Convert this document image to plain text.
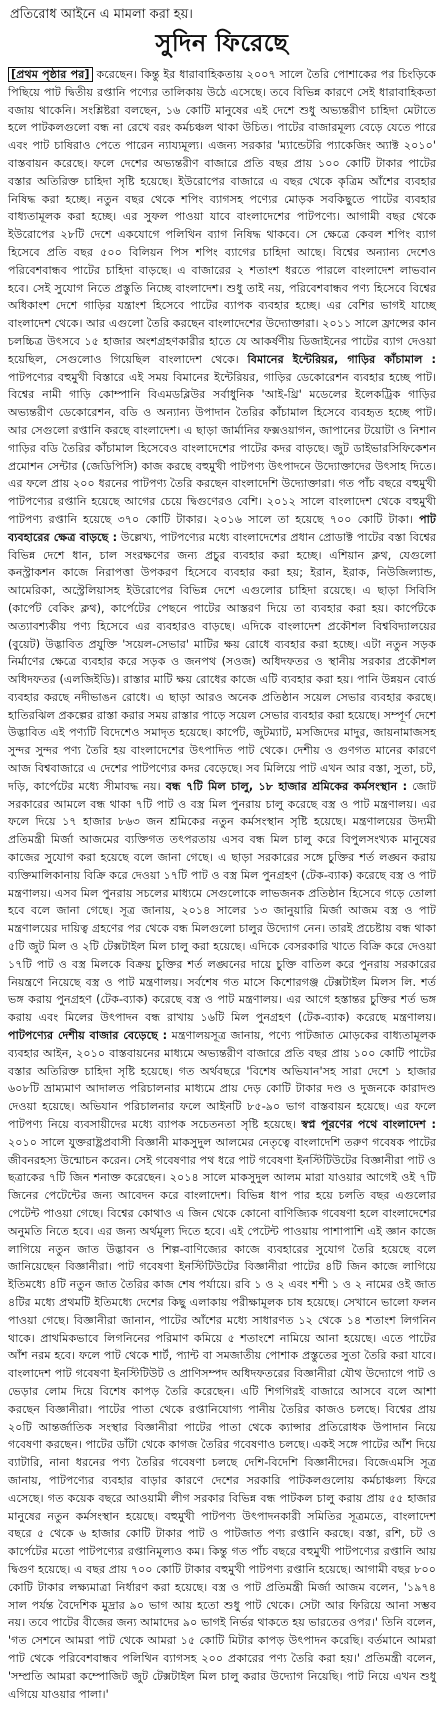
প্রতিরোধ আইনে এ মামলা করা হয়।

সুদিন ফিরেছে

[প্রথম পৃষ্ঠার পর] করেছেন। কিন্তু ইর ধারাবাহিকতায় ২০০৭ সালে তৈরি পোশাকের পর চিংড়িকে পিছিয়ে পাট দ্বিতীয় রপ্তানি পণ্যের তালিকায় উঠে এসেছে। তবে বিভিন্ন কারণে সেই ধারাবাহিকতা বজায় থাকেনি। সংশ্লিষ্টরা বলছেন, ১৬ কোটি মানুষের এই দেশে শুধু অভ্যন্তরীণ চাহিদা মেটাতে হলে পাটকলগুলো বন্ধ না রেখে বরং কর্মচঞ্চল থাকা উচিত। পাটের বাজারমূল্য বেড়ে যেতে পারে এবং পাট চাষিরাও পেতে পারেন ন্যায্যমূল্য। এজন্য সরকার 'ম্যান্ডেটরি প্যাকেজিং অ্যাক্ট ২০১০' বাস্তবায়ন করেছে। ফলে দেশের অভ্যন্তরীণ বাজারে প্রতি বছর প্রায় ১০০ কোটি টাকার পাটের বস্তার অতিরিক্ত চাহিদা সৃষ্টি হয়েছে। ইউরোপের বাজারে এ বছর থেকে কৃত্রিম আঁশের ব্যবহার নিষিদ্ধ করা হচ্ছে। নতুন বছর থেকে শপিং ব্যাগসহ পণ্যের মোড়ক সবকিছুতে পাটের ব্যবহার বাধ্যতামূলক করা হচ্ছে। এর সুফল পাওয়া যাবে বাংলাদেশের পাটপণ্যে। আগামী বছর থেকে ইউরোপের ২৮টি দেশে একযোগে পলিথিন ব্যাগ নিষিদ্ধ থাকবে। সে ক্ষেত্রে কেবল শপিং ব্যাগ হিসেবে প্রতি বছর ৫০০ বিলিয়ন পিস শপিং ব্যাগের চাহিদা আছে। বিশ্বের অন্যান্য দেশেও পরিবেশবান্ধব পাটের চাহিদা বাড়ছে। এ বাজারের ২ শতাংশ ধরতে পারলে বাংলাদেশ লাভবান হবে। সেই সুযোগ নিতে প্রস্তুতি নিচ্ছে বাংলাদেশ। শুধু তাই নয়, পরিবেশবান্ধব পণ্য হিসেবে বিশ্বের অধিকাংশ দেশে গাড়ির যন্ত্রাংশ হিসেবে পাটের ব্যাপক ব্যবহার হচ্ছে। এর বেশির ভাগই যাচ্ছে বাংলাদেশ থেকে। আর এগুলো তৈরি করছেন বাংলাদেশের উদ্যোক্তারা। ২০১১ সালে ফ্রান্সের কান চলচ্চিত্র উৎসবে ১৫ হাজার অংশগ্রহণকারীর হাতে যে আকর্ষণীয় ডিজাইনের পাটের ব্যাগ দেওয়া হয়েছিল, সেগুলোও গিয়েছিল বাংলাদেশ থেকে। বিমানের ইন্টেরিয়র, গাড়ির কাঁচামাল : পাটপণ্যের বহুমুখী বিস্তারে এই সময় বিমানের ইন্টেরিয়র, গাড়ির ডেকোরেশন ব্যবহার হচ্ছে পাট। বিশ্বের নামী গাড়ি কোম্পানি বিএমডব্লিউর সর্বাধুনিক 'আই-থ্রি' মডেলের ইলেকট্রিক গাড়ির অভ্যন্তরীণ ডেকোরেশন, বডি ও অন্যান্য উপাদান তৈরির কাঁচামাল হিসেবে ব্যবহৃত হচ্ছে পাট। আর সেগুলো রপ্তানি করছে বাংলাদেশ। এ ছাড়া জার্মানির ফক্সওয়াগন, জাপানের টয়োটা ও নিশান গাড়ির বডি তৈরির কাঁচামাল হিসেবেও বাংলাদেশের পাটের কদর বাড়ছে। জুট ডাইভারসিফিকেশন প্রমোশন সেন্টার (জেডিপিসি) কাজ করছে বহুমুখী পাটপণ্য উৎপাদনে উদ্যোক্তাদের উৎসাহ দিতে। এর ফলে প্রায় ২০০ ধরনের পাটপণ্য তৈরি করছেন বাংলাদেশি উদ্যোক্তারা। গত পাঁচ বছরে বহুমুখী পাটপণ্যের রপ্তানি হয়েছে আগের চেয়ে দ্বিগুণেরও বেশি। ২০১২ সালে বাংলাদেশ থেকে বহুমুখী পাটপণ্য রপ্তানি হয়েছে ৩৭০ কোটি টাকার। ২০১৬ সালে তা হয়েছে ৭০০ কোটি টাকা। পাট ব্যবহারের ক্ষেত্র বাড়ছে : উল্লেখ্য, পাটপণ্যের মধ্যে বাংলাদেশের প্রধান প্রোডাক্ট পাটের বস্তা বিশ্বের বিভিন্ন দেশে ধান, চাল সংরক্ষণের জন্য প্রচুর ব্যবহার করা হচ্ছে। এশিয়ান ক্লথ, যেগুলো কনস্ট্রাকশন কাজে নিরাপত্তা উপকরণ হিসেবে ব্যবহার করা হয়; ইরান, ইরাক, নিউজিল্যান্ড, আমেরিকা, অস্ট্রেলিয়াসহ ইউরোপের বিভিন্ন দেশে এগুলোর চাহিদা রয়েছে। এ ছাড়া সিবিসি (কার্পেট বেকিং ক্লথ), কার্পেটের পেছনে পাটের আস্তরণ দিয়ে তা ব্যবহার করা হয়। কার্পেটকে অত্যাবশ্যকীয় পণ্য হিসেবে এর ব্যবহারও বাড়ছে। এদিকে বাংলাদেশ প্রকৌশল বিশ্ববিদ্যালয়ের (বুয়েট) উদ্ভাবিত প্রযুক্তি 'সয়েল-সেভার' মাটির ক্ষয় রোধে ব্যবহার করা হচ্ছে। এটা নতুন সড়ক নির্মাণের ক্ষেত্রে ব্যবহার করে সড়ক ও জনপথ (সওজ) অধিদফতর ও স্থানীয় সরকার প্রকৌশল অধিদফতর (এলজিইডি)। রাস্তার মাটি ক্ষয় রোধের কাজে এটি ব্যবহার করা হয়। পানি উন্নয়ন বোর্ড ব্যবহার করছে নদীভাঙন রোধে। এ ছাড়া আরও অনেক প্রতিষ্ঠান সয়েল সেভার ব্যবহার করছে। হাতিরঝিল প্রকল্পের রাস্তা করার সময় রাস্তার পাড়ে সয়েল সেভার ব্যবহার করা হয়েছে। সম্পূর্ণ দেশে উদ্ভাবিত এই পণ্যটি বিদেশেও সমাদৃত হয়েছে। কার্পেট, জুটম্যাট, মসজিদের মাদুর, জায়নামাজসহ সুন্দর সুন্দর পণ্য তৈরি হয় বাংলাদেশের উৎপাদিত পাট থেকে। দেশীয় ও গুণগত মানের কারণে আজ বিশ্ববাজারে এ দেশের পাটপণ্যের কদর বেড়েছে। সব মিলিয়ে পাট এখন আর বস্তা, সুতা, চট, দড়ি, কার্পেটের মধ্যে সীমাবদ্ধ নয়। বন্ধ ৭টি মিল চালু, ১৮ হাজার শ্রমিকের কর্মসংস্থান : জোট সরকারের আমলে বন্ধ থাকা ৭টি পাট ও বস্ত্র মিল পুনরায় চালু করেছে বস্ত্র ও পাট মন্ত্রণালয়। এর ফলে দিয়ে ১৭ হাজার ৮৬৩ জন শ্রমিকের নতুন কর্মসংস্থান সৃষ্টি হয়েছে। মন্ত্রণালয়ের উদ্যমী প্রতিমন্ত্রী মির্জা আজমের ব্যক্তিগত তৎপরতায় এসব বন্ধ মিল চালু করে বিপুলসংখ্যক মানুষের কাজের সুযোগ করা হয়েছে বলে জানা গেছে। এ ছাড়া সরকারের সঙ্গে চুক্তির শর্ত লঙ্ঘন করায় ব্যক্তিমালিকানায় বিক্রি করে দেওয়া ১৭টি পাট ও বস্ত্র মিল পুনগ্রহণ (টেক-ব্যাক) করেছে বস্ত্র ও পাট মন্ত্রণালয়। এসব মিল পুনরায় সচলের মাধ্যমে সেগুলোকে লাভজনক প্রতিষ্ঠান হিসেবে গড়ে তোলা হবে বলে জানা গেছে। সূত্র জানায়, ২০১৪ সালের ১৩ জানুয়ারি মির্জা আজম বস্ত্র ও পাট মন্ত্রণালয়ের দায়িত্ব গ্রহণের পর থেকে বন্ধ মিলগুলো চালুর উদ্যোগ নেন। তারই প্রচেষ্টায় বন্ধ থাকা ৫টি জুট মিল ও ২টি টেক্সটাইল মিল চালু করা হয়েছে। এদিকে বেসরকারি খাতে বিক্রি করে দেওয়া ১৭টি পাট ও বস্ত্র মিলকে বিক্রয় চুক্তির শর্ত লঙ্ঘনের দায়ে চুক্তি বাতিল করে পুনরায় সরকারের নিয়ন্ত্রণে নিয়েছে বস্ত্র ও পাট মন্ত্রণালয়। সর্বশেষ গত মাসে কিশোরগঞ্জ টেক্সটাইল মিলস লি. শর্ত ভঙ্গ করায় পুনগ্রহণ (টেক-ব্যাক) করেছে বস্ত্র ও পাট মন্ত্রণালয়। এর আগে হস্তান্তর চুক্তির শর্ত ভঙ্গ করায় এবং মিলের উৎপাদন বন্ধ রাখায় ১৬টি মিল পুনগ্রহণ (টেক-ব্যাক) করেছে মন্ত্রণালয়। পাটপণ্যের দেশীয় বাজার বেড়েছে : মন্ত্রণালয়সূত্র জানায়, পণ্যে পাটজাত মোড়কের বাধ্যতামূলক ব্যবহার আইন, ২০১০ বাস্তবায়নের মাধ্যমে অভ্যন্তরীণ বাজারে প্রতি বছর প্রায় ১০০ কোটি পাটের বস্তার অতিরিক্ত চাহিদা সৃষ্টি হয়েছে। গত অর্থবছরে 'বিশেষ অভিযান'সহ সারা দেশে ১ হাজার ৬০৮টি ভ্রাম্যমাণ আদালত পরিচালনার মাধ্যমে প্রায় দেড় কোটি টাকার দণ্ড ও দুজনকে কারাদণ্ড দেওয়া হয়েছে। অভিযান পরিচালনার ফলে আইনটি ৮৫-৯০ ভাগ বাস্তবায়ন হয়েছে। এর ফলে পাটপণ্য নিয়ে ব্যবসায়ীদের মধ্যে ব্যাপক সচেতনতা সৃষ্টি হয়েছে। স্বপ্ন পূরণের পথে বাংলাদেশ : ২০১০ সালে যুক্তরাষ্ট্রপ্রবাসী বিজ্ঞানী মাকসুদুল আলমের নেতৃত্বে বাংলাদেশি তরুণ গবেষক পাটের জীবনরহস্য উন্মোচন করেন। সেই গবেষণার পথ ধরে পাট গবেষণা ইনস্টিটিউটের বিজ্ঞানীরা পাট ও ছত্রাকের ৭টি জিন শনাক্ত করেছেন। ২০১৪ সালে মাকসুদুল আলম মারা যাওয়ার আগেই ওই ৭টি জিনের পেটেন্টের জন্য আবেদন করে বাংলাদেশ। বিভিন্ন ধাপ পার হয়ে চলতি বছর এগুলোর পেটেন্ট পাওয়া গেছে। বিশ্বের কোথাও এ জিন থেকে কোনো বাণিজ্যিক গবেষণা হলে বাংলাদেশের অনুমতি নিতে হবে। এর জন্য অর্থমূল্য দিতে হবে। এই পেটেন্ট পাওয়ায় পাশাপাশি এই জ্ঞান কাজে লাগিয়ে নতুন জাত উদ্ভাবন ও শিল্প-বাণিজ্যের কাজে ব্যবহারের সুযোগ তৈরি হয়েছে বলে জানিয়েছেন বিজ্ঞানীরা। পাট গবেষণা ইনস্টিটিউটের বিজ্ঞানীরা পাটের ৪টি জিন কাজে লাগিয়ে ইতিমধ্যে ৪টি নতুন জাত তৈরির কাজ শেষ পর্যায়ে। রবি ১ ও ২ এবং শশী ১ ও ২ নামের ওই জাত ৪টির মধ্যে প্রথমটি ইতিমধ্যে দেশের কিছু এলাকায় পরীক্ষামূলক চাষ হয়েছে। সেখানে ভালো ফলন পাওয়া গেছে। বিজ্ঞানীরা জানান, পাটের আঁশের মধ্যে সাধারণত ১২ থেকে ১৪ শতাংশ লিগনিন থাকে। প্রাথমিকভাবে লিগনিনের পরিমাণ কমিয়ে ৫ শতাংশে নামিয়ে আনা হয়েছে। এতে পাটের আঁশ নরম হবে। ফলে পাট থেকে শার্ট, প্যান্ট বা সমজাতীয় পোশাক প্রস্তুতের সুতা তৈরি করা যাবে। বাংলাদেশ পাট গবেষণা ইনস্টিটিউট ও প্রাণিসম্পদ অধিদফতরের বিজ্ঞানীরা যৌথ উদ্যোগে পাট ও ভেড়ার লোম দিয়ে বিশেষ কাপড় তৈরি করেছেন। এটি শিগগিরই বাজারে আসবে বলে আশা করছেন বিজ্ঞানীরা। পাটের পাতা থেকে রপ্তানিযোগ্য পানীয় তৈরির কাজও চলছে। বিশ্বের প্রায় ২০টি আন্তর্জাতিক সংস্থার বিজ্ঞানীরা পাটের পাতা থেকে ক্যান্সার প্রতিরোধক উপাদান নিয়ে গবেষণা করছেন। পাটের ডাঁটা থেকে কাগজ তৈরির গবেষণাও চলছে। একই সঙ্গে পাটের আঁশ দিয়ে ব্যাটারি, নানা ধরনের পণ্য তৈরির গবেষণা চলছে দেশি-বিদেশি বিজ্ঞানীদের। বিজেএমসি সূত্র জানায়, পাটপণ্যের ব্যবহার বাড়ার কারণে দেশের সরকারি পাটকলগুলোয় কর্মচাঞ্চল্য ফিরে এসেছে। গত কয়েক বছরে আওয়ামী লীগ সরকার বিভিন্ন বন্ধ পাটকল চালু করায় প্রায় ৫৫ হাজার মানুষের নতুন কর্মসংস্থান হয়েছে। বহুমুখী পাটপণ্য উৎপাদনকারী সমিতির সূত্রমতে, বাংলাদেশ বছরে ৫ থেকে ৬ হাজার কোটি টাকার পাট ও পাটজাত পণ্য রপ্তানি করছে। বস্তা, রশি, চট ও কার্পেটের মতো পাটপণ্যের রপ্তানিমূল্যও কম। কিন্তু গত পাঁচ বছরে বহুমুখী পাটপণ্যের রপ্তানি আয় দ্বিগুণ হয়েছে। এ বছর প্রায় ৭০০ কোটি টাকার বহুমুখী পাটপণ্য রপ্তানি হয়েছে। আগামী বছর ৮০০ কোটি টাকার লক্ষ্যমাত্রা নির্ধারণ করা হয়েছে। বস্ত্র ও পাট প্রতিমন্ত্রী মির্জা আজম বলেন, '১৯৭৪ সাল পর্যন্ত বৈদেশিক মুদ্রার ৯০ ভাগ আয় হতো শুধু পাট থেকে। সেটা আর ফিরিয়ে আনা সম্ভব নয়। তবে পাটের বীজের জন্য আমাদের ৯০ ভাগই নির্ভর থাকতে হয় ভারতের ওপর।' তিনি বলেন, 'গত সেশনে আমরা পাট থেকে আমরা ১৫ কোটি মিটার কাপড় উৎপাদন করেছি। বর্তমানে আমরা পাট থেকে পরিবেশবান্ধব পলিথিন ব্যাগসহ ২০০ প্রকারের পণ্য তৈরি করা হয়।' প্রতিমন্ত্রী বলেন, 'সম্প্রতি আমরা কম্পোজিট জুট টেক্সটাইল মিল চালু করার উদ্যোগ নিয়েছি। পাট নিয়ে এখন শুধু এগিয়ে যাওয়ার পালা।'
